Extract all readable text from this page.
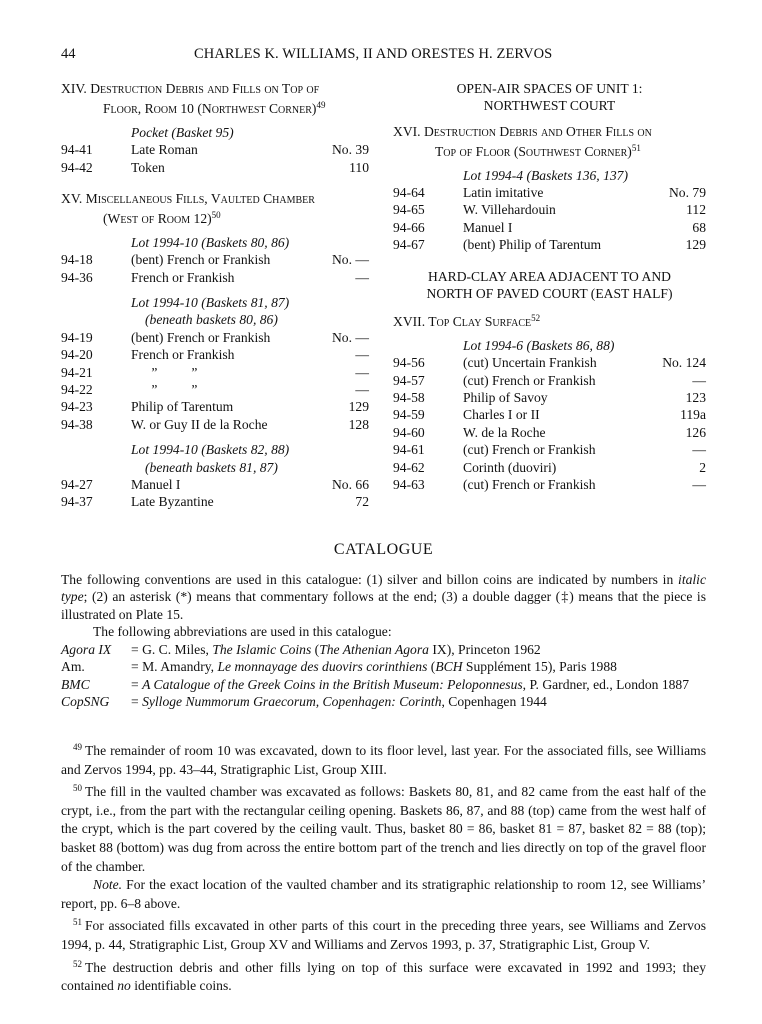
44	CHARLES K. WILLIAMS, II AND ORESTES H. ZERVOS
XIV. Destruction Debris and Fills on Top of
Floor, Room 10 (Northwest Corner)$^{49}$
Pocket (Basket 95)
94-41	Late Roman	No. 39
94-42	Token	110
XV. Miscellaneous Fills, Vaulted Chamber
(West of Room 12)$^{50}$
Lot 1994-10 (Baskets 80, 86)
94-18	(bent) French or Frankish	No. —
94-36	French or Frankish	—
Lot 1994-10 (Baskets 81, 87)
(beneath baskets 80, 86)
94-19	(bent) French or Frankish	No. —
94-20	French or Frankish	—
94-21	”          ”	—
94-22	”          ”	—
94-23	Philip of Tarentum	129
94-38	W. or Guy II de la Roche	128
Lot 1994-10 (Baskets 82, 88)
(beneath baskets 81, 87)
94-27	Manuel I	No. 66
94-37	Late Byzantine	72
OPEN-AIR SPACES OF UNIT 1:
NORTHWEST COURT
XVI. Destruction Debris and Other Fills on
Top of Floor (Southwest Corner)$^{51}$
Lot 1994-4 (Baskets 136, 137)
94-64	Latin imitative	No. 79
94-65	W. Villehardouin	112
94-66	Manuel I	68
94-67	(bent) Philip of Tarentum	129
HARD-CLAY AREA ADJACENT TO AND
NORTH OF PAVED COURT (EAST HALF)
XVII. Top Clay Surface$^{52}$
Lot 1994-6 (Baskets 86, 88)
94-56	(cut) Uncertain Frankish	No. 124
94-57	(cut) French or Frankish	—
94-58	Philip of Savoy	123
94-59	Charles I or II	119a
94-60	W. de la Roche	126
94-61	(cut) French or Frankish	—
94-62	Corinth (duoviri)	2
94-63	(cut) French or Frankish	—
CATALOGUE

The following conventions are used in this catalogue: (1) silver and billon coins are indicated by numbers in italic type; (2) an asterisk (*) means that commentary follows at the end; (3) a double dagger (‡) means that the piece is illustrated on Plate 15.

The following abbreviations are used in this catalogue:

Agora IX	= G. C. Miles, The Islamic Coins (The Athenian Agora IX), Princeton 1962
Am.	= M. Amandry, Le monnayage des duovirs corinthiens (BCH Supplément 15), Paris 1988
BMC	= A Catalogue of the Greek Coins in the British Museum: Peloponnesus, P. Gardner, ed., London 1887
CopSNG	= Sylloge Nummorum Graecorum, Copenhagen: Corinth, Copenhagen 1944

$^{49}$ The remainder of room 10 was excavated, down to its floor level, last year. For the associated fills, see Williams and Zervos 1994, pp. 43–44, Stratigraphic List, Group XIII.

$^{50}$ The fill in the vaulted chamber was excavated as follows: Baskets 80, 81, and 82 came from the east half of the crypt, i.e., from the part with the rectangular ceiling opening. Baskets 86, 87, and 88 (top) came from the west half of the crypt, which is the part covered by the ceiling vault. Thus, basket 80 = 86, basket 81 = 87, basket 82 = 88 (top); basket 88 (bottom) was dug from across the entire bottom part of the trench and lies directly on top of the gravel floor of the chamber.

Note. For the exact location of the vaulted chamber and its stratigraphic relationship to room 12, see Williams’ report, pp. 6–8 above.

$^{51}$ For associated fills excavated in other parts of this court in the preceding three years, see Williams and Zervos 1994, p. 44, Stratigraphic List, Group XV and Williams and Zervos 1993, p. 37, Stratigraphic List, Group V.

$^{52}$ The destruction debris and other fills lying on top of this surface were excavated in 1992 and 1993; they contained no identifiable coins.
